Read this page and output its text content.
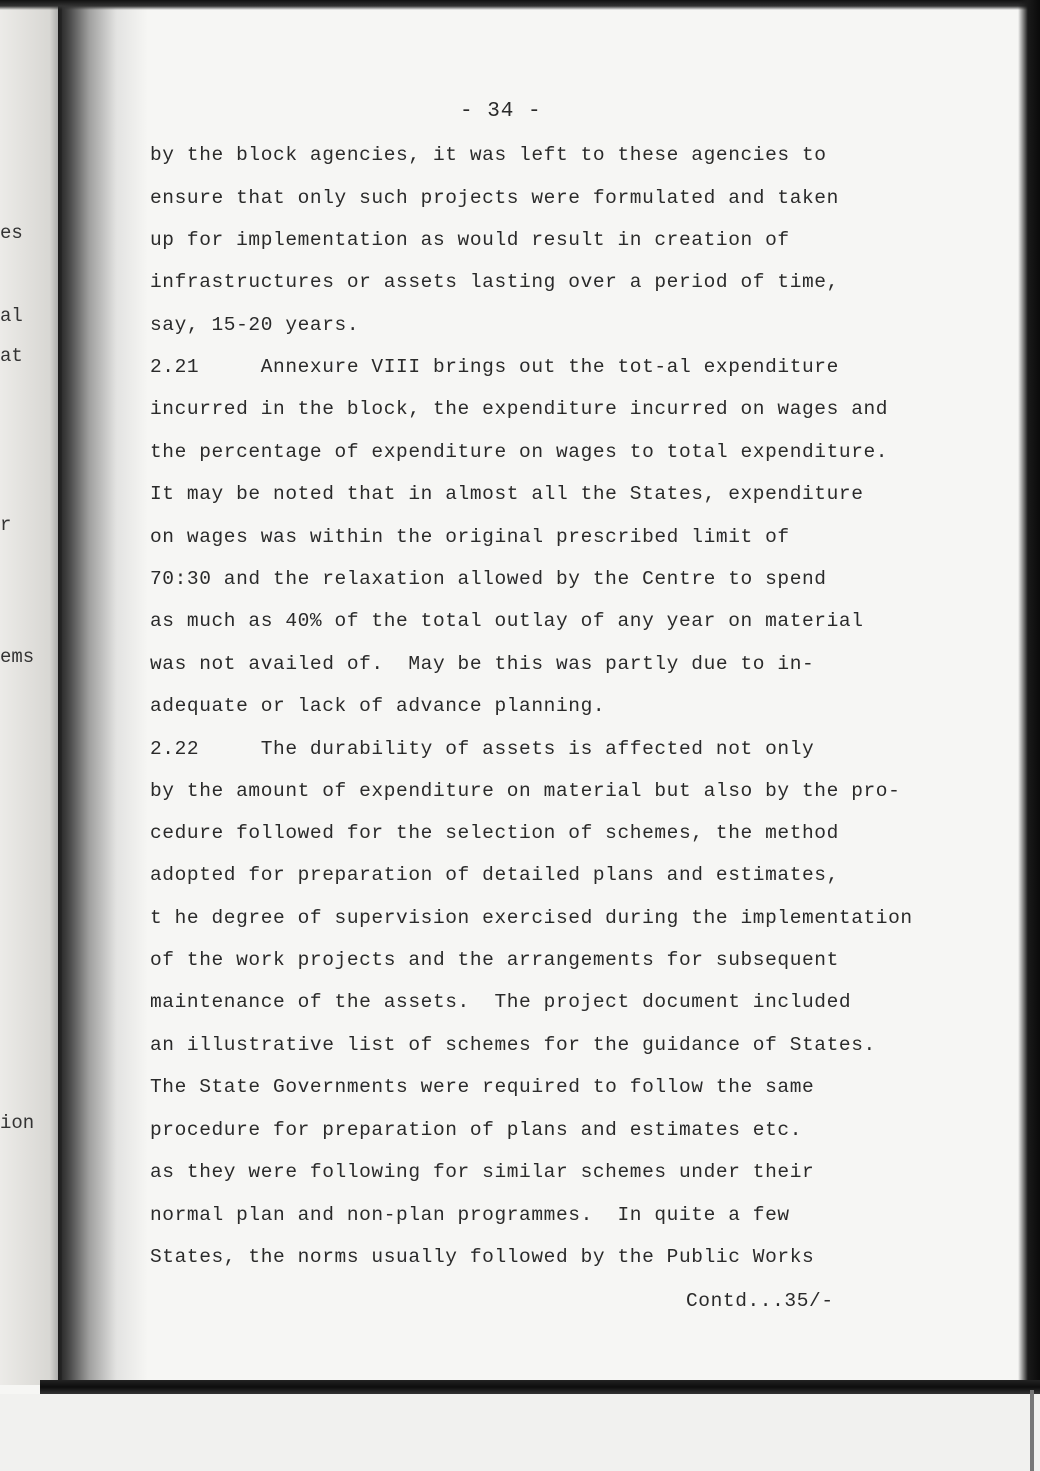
es
al
at
r
ems
ion
- 34 -
by the block agencies, it was left to these agencies to
ensure that only such projects were formulated and taken
up for implementation as would result in creation of
infrastructures or assets lasting over a period of time,
say, 15-20 years.
2.21     Annexure VIII brings out the tot-al expenditure
incurred in the block, the expenditure incurred on wages and
the percentage of expenditure on wages to total expenditure.
It may be noted that in almost all the States, expenditure
on wages was within the original prescribed limit of
70:30 and the relaxation allowed by the Centre to spend
as much as 40% of the total outlay of any year on material
was not availed of.  May be this was partly due to in-
adequate or lack of advance planning.
2.22     The durability of assets is affected not only
by the amount of expenditure on material but also by the pro-
cedure followed for the selection of schemes, the method
adopted for preparation of detailed plans and estimates,
t he degree of supervision exercised during the implementation
of the work projects and the arrangements for subsequent
maintenance of the assets.  The project document included
an illustrative list of schemes for the guidance of States.
The State Governments were required to follow the same
procedure for preparation of plans and estimates etc.
as they were following for similar schemes under their
normal plan and non-plan programmes.  In quite a few
States, the norms usually followed by the Public Works
Contd...35/-
